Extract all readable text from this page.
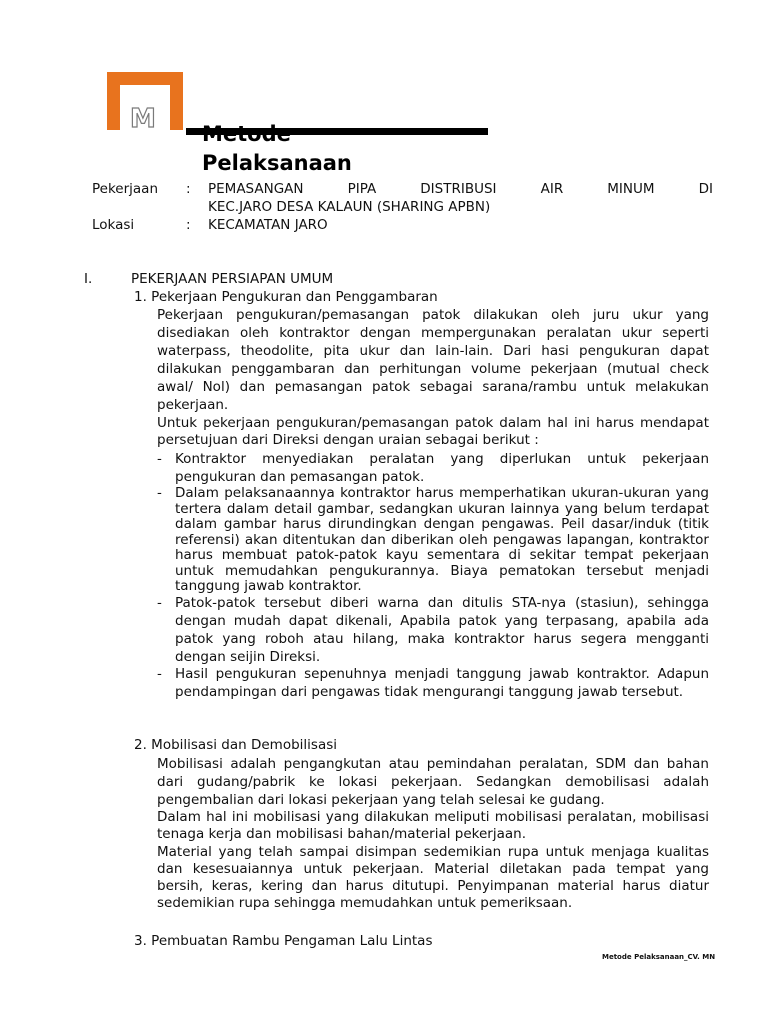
M
Pelaksanaan
Pekerjaan : PEMASANGAN PIPA DISTRIBUSI AIR MINUM DI
KEC.JARO DESA KALAUN (SHARING APBN)
Lokasi	: KECAMATAN JARO
I.	PEKERJAAN PERSIAPAN UMUM
1. Pekerjaan Pengukuran dan Penggambaran

Pekerjaan pengukuran/pemasangan patok dilakukan oleh juru ukur yang disediakan oleh kontraktor dengan mempergunakan peralatan ukur seperti waterpass, theodolite, pita ukur dan lain-lain. Dari hasi pengukuran dapat dilakukan penggambaran dan perhitungan volume pekerjaan (mutual check awal/ Nol) dan pemasangan patok sebagai sarana/rambu untuk melakukan pekerjaan.

Untuk pekerjaan pengukuran/pemasangan patok dalam hal ini harus mendapat persetujuan dari Direksi dengan uraian sebagai berikut :

- Kontraktor menyediakan peralatan yang diperlukan untuk pekerjaan pengukuran dan pemasangan patok.
- Dalam pelaksanaannya kontraktor harus memperhatikan ukuran-ukuran yang tertera dalam detail gambar, sedangkan ukuran lainnya yang belum terdapat dalam gambar harus dirundingkan dengan pengawas. Peil dasar/induk (titik referensi) akan ditentukan dan diberikan oleh pengawas lapangan, kontraktor harus membuat patok-patok kayu sementara di sekitar tempat pekerjaan untuk memudahkan pengukurannya. Biaya pematokan tersebut menjadi tanggung jawab kontraktor.
- Patok-patok tersebut diberi warna dan ditulis STA-nya (stasiun), sehingga dengan mudah dapat dikenali, Apabila patok yang terpasang, apabila ada patok yang roboh atau hilang, maka kontraktor harus segera mengganti dengan seijin Direksi.
- Hasil pengukuran sepenuhnya menjadi tanggung jawab kontraktor. Adapun pendampingan dari pengawas tidak mengurangi tanggung jawab tersebut.
2. Mobilisasi dan Demobilisasi

Mobilisasi adalah pengangkutan atau pemindahan peralatan, SDM dan bahan dari gudang/pabrik ke lokasi pekerjaan. Sedangkan demobilisasi adalah pengembalian dari lokasi pekerjaan yang telah selesai ke gudang.

Dalam hal ini mobilisasi yang dilakukan meliputi mobilisasi peralatan, mobilisasi tenaga kerja dan mobilisasi bahan/material pekerjaan.

Material yang telah sampai disimpan sedemikian rupa untuk menjaga kualitas dan kesesuaiannya untuk pekerjaan. Material diletakan pada tempat yang bersih, keras, kering dan harus ditutupi. Penyimpanan material harus diatur sedemikian rupa sehingga memudahkan untuk pemeriksaan.

3. Pembuatan Rambu Pengaman Lalu Lintas
Metode Pelaksanaan_CV. MN
